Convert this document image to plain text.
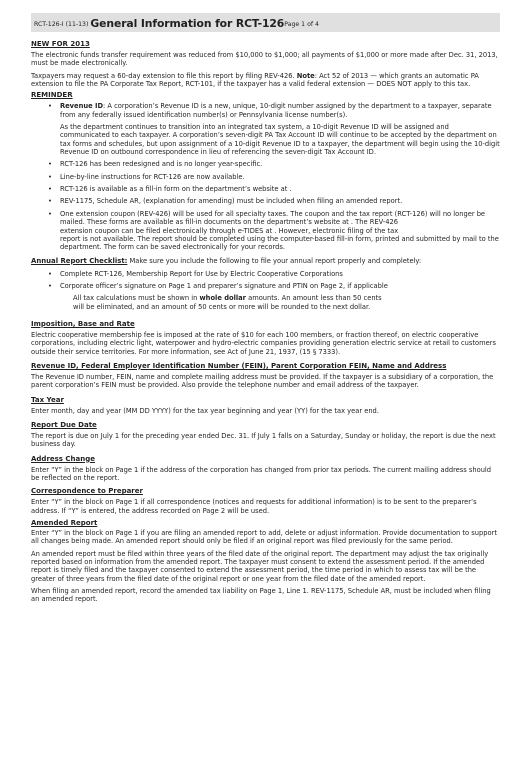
RCT-126-I (11-13) General Information for RCT-126 Page 1 of 4

NEW FOR 2013

The electronic funds transfer requirement was reduced from $10,000 to $1,000; all payments of $1,000 or more made after Dec. 31, 2013, must be made electronically.

Taxpayers may request a 60-day extension to file this report by filing REV-426. Note: Act 52 of 2013 — which grants an automatic PA extension to file the PA Corporate Tax Report, RCT-101, if the taxpayer has a valid federal extension — DOES NOT apply to this tax.

REMINDER

• Revenue ID: A corporation’s Revenue ID is a new, unique, 10-digit number assigned by the department to a taxpayer, separate from any federally issued identification number(s) or Pennsylvania license number(s).

As the department continues to transition into an integrated tax system, a 10-digit Revenue ID will be assigned and communicated to each taxpayer. A corporation’s seven-digit PA Tax Account ID will continue to be accepted by the department on tax forms and schedules, but upon assignment of a 10-digit Revenue ID to a taxpayer, the department will begin using the 10-digit Revenue ID on outbound correspondence in lieu of referencing the seven-digit Tax Account ID.

• RCT-126 has been redesigned and is no longer year-specific.
• Line-by-line instructions for RCT-126 are now available.
• RCT-126 is available as a fill-in form on the department’s website at .
• REV-1175, Schedule AR, (explanation for amending) must be included when filing an amended report.
• One extension coupon (REV-426) will be used for all specialty taxes. The coupon and the tax report (RCT-126) will no longer be mailed. These forms are available as fill-in documents on the department’s website at . The REV-426
extension coupon can be filed electronically through e-TIDES at . However, electronic filing of the tax
report is not available. The report should be completed using the computer-based fill-in form, printed and submitted by mail to the department. The form can be saved electronically for your records.

Annual Report Checklist: Make sure you include the following to file your annual report properly and completely:

• Complete RCT-126, Membership Report for Use by Electric Cooperative Corporations
• Corporate officer’s signature on Page 1 and preparer’s signature and PTIN on Page 2, if applicable

All tax calculations must be shown in whole dollar amounts. An amount less than 50 cents
will be eliminated, and an amount of 50 cents or more will be rounded to the next dollar.

Imposition, Base and Rate

Electric cooperative membership fee is imposed at the rate of $10 for each 100 members, or fraction thereof, on electric cooperative corporations, including electric light, waterpower and hydro-electric companies providing generation electric service at retail to customers outside their service territories. For more information, see Act of June 21, 1937, (15 § 7333).

Revenue ID, Federal Employer Identification Number (FEIN), Parent Corporation FEIN, Name and Address

The Revenue ID number, FEIN, name and complete mailing address must be provided. If the taxpayer is a subsidiary of a corporation, the parent corporation’s FEIN must be provided. Also provide the telephone number and email address of the taxpayer.

Tax Year

Enter month, day and year (MM DD YYYY) for the tax year beginning and year (YY) for the tax year end.

Report Due Date

The report is due on July 1 for the preceding year ended Dec. 31. If July 1 falls on a Saturday, Sunday or holiday, the report is due the next business day.

Address Change

Enter “Y” in the block on Page 1 if the address of the corporation has changed from prior tax periods. The current mailing address should be reflected on the report.

Correspondence to Preparer

Enter “Y” in the block on Page 1 if all correspondence (notices and requests for additional information) is to be sent to the preparer’s address. If “Y” is entered, the address recorded on Page 2 will be used.

Amended Report

Enter “Y” in the block on Page 1 if you are filing an amended report to add, delete or adjust information. Provide documentation to support all changes being made. An amended report should only be filed if an original report was filed previously for the same period.

An amended report must be filed within three years of the filed date of the original report. The department may adjust the tax originally reported based on information from the amended report. The taxpayer must consent to extend the assessment period. If the amended report is timely filed and the taxpayer consented to extend the assessment period, the time period in which to assess tax will be the greater of three years from the filed date of the original report or one year from the filed date of the amended report.

When filing an amended report, record the amended tax liability on Page 1, Line 1. REV-1175, Schedule AR, must be included when filing an amended report.
